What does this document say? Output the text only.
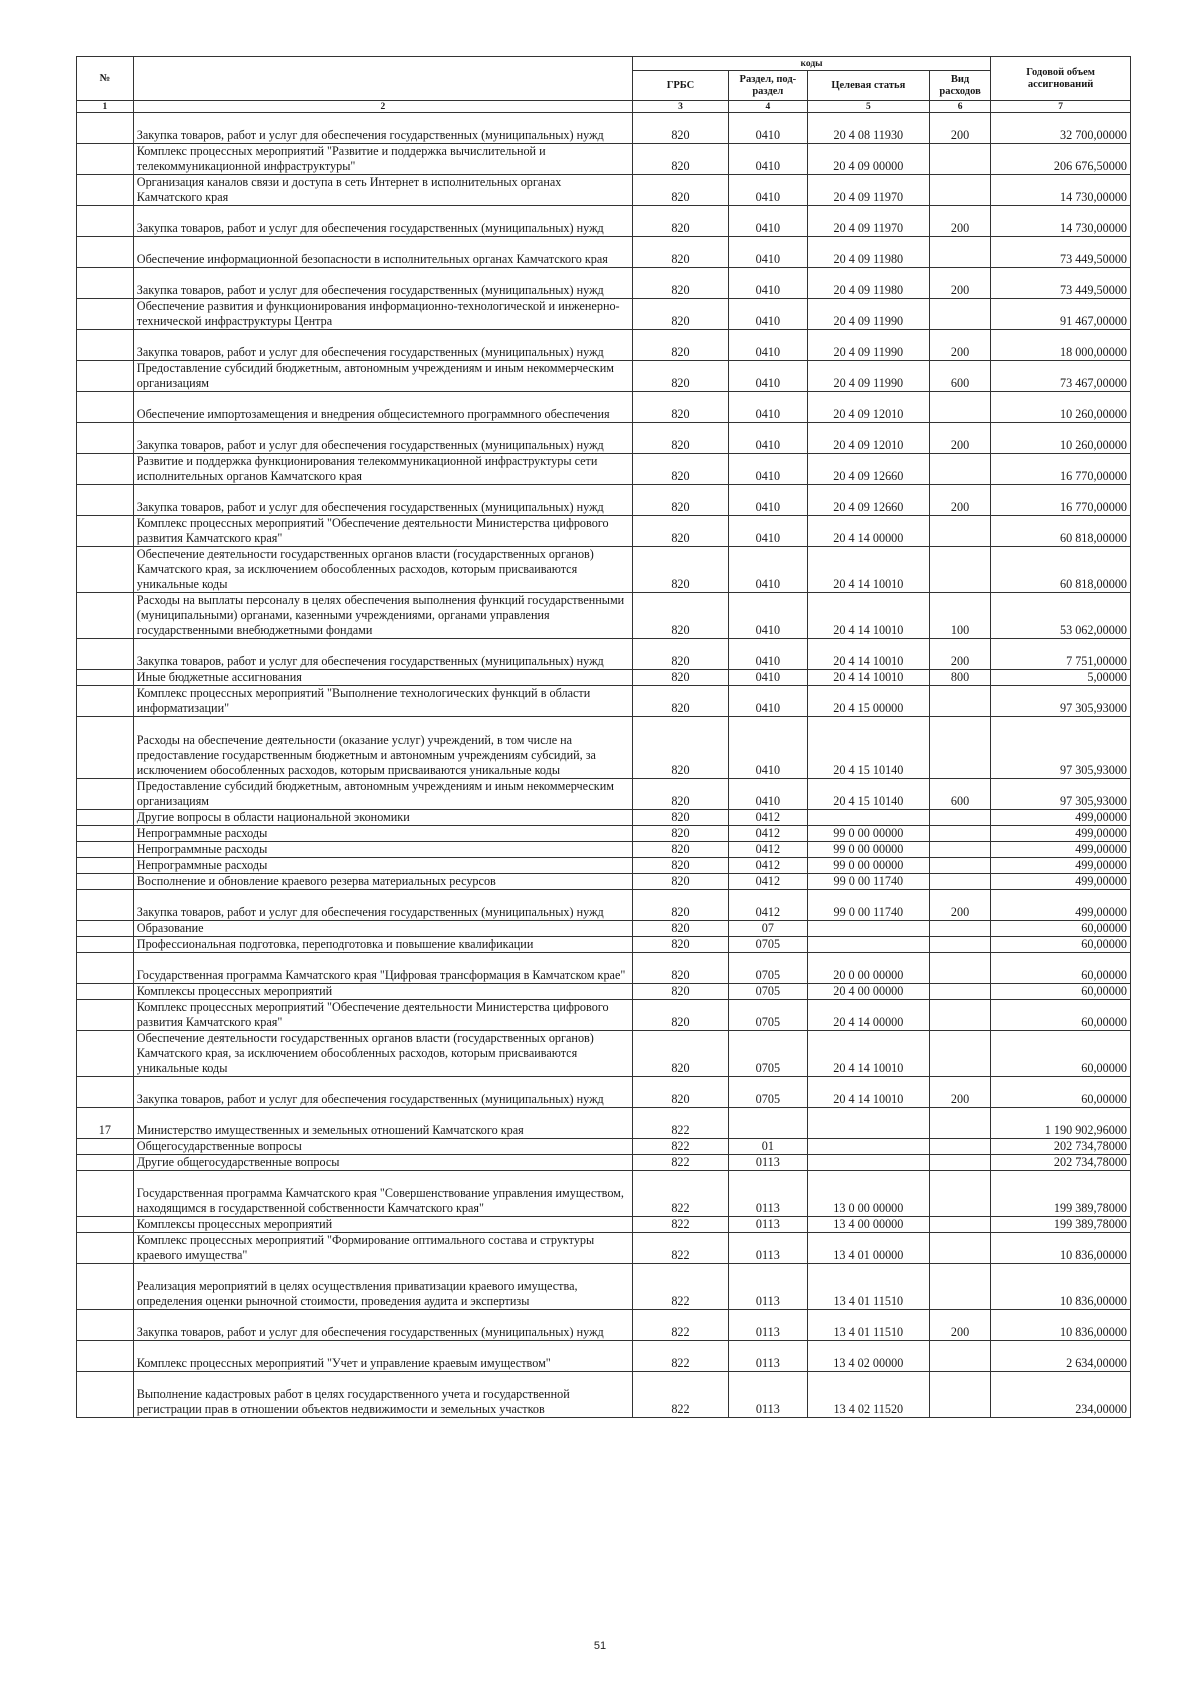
№		коды				Годовой объем ассигнований
		ГРБС	Раздел, под-раздел	Целевая статья	Вид расходов	
1	2	3	4	5	6	7
	Закупка товаров, работ и услуг для обеспечения государственных (муниципальных) нужд	820	0410	20 4 08 11930	200	32 700,00000
	Комплекс процессных мероприятий "Развитие и поддержка вычислительной и телекоммуникационной инфраструктуры"	820	0410	20 4 09 00000		206 676,50000
	Организация каналов связи и доступа в сеть Интернет в исполнительных органах Камчатского края	820	0410	20 4 09 11970		14 730,00000
	Закупка товаров, работ и услуг для обеспечения государственных (муниципальных) нужд	820	0410	20 4 09 11970	200	14 730,00000
	Обеспечение информационной безопасности в исполнительных органах Камчатского края	820	0410	20 4 09 11980		73 449,50000
	Закупка товаров, работ и услуг для обеспечения государственных (муниципальных) нужд	820	0410	20 4 09 11980	200	73 449,50000
	Обеспечение развития и функционирования информационно-технологической и инженерно-технической инфраструктуры Центра	820	0410	20 4 09 11990		91 467,00000
	Закупка товаров, работ и услуг для обеспечения государственных (муниципальных) нужд	820	0410	20 4 09 11990	200	18 000,00000
	Предоставление субсидий бюджетным, автономным учреждениям и иным некоммерческим организациям	820	0410	20 4 09 11990	600	73 467,00000
	Обеспечение импортозамещения и внедрения общесистемного программного обеспечения	820	0410	20 4 09 12010		10 260,00000
	Закупка товаров, работ и услуг для обеспечения государственных (муниципальных) нужд	820	0410	20 4 09 12010	200	10 260,00000
	Развитие и поддержка функционирования телекоммуникационной инфраструктуры сети исполнительных органов Камчатского края	820	0410	20 4 09 12660		16 770,00000
	Закупка товаров, работ и услуг для обеспечения государственных (муниципальных) нужд	820	0410	20 4 09 12660	200	16 770,00000
	Комплекс процессных мероприятий "Обеспечение деятельности Министерства цифрового развития Камчатского края"	820	0410	20 4 14 00000		60 818,00000
	Обеспечение деятельности государственных органов власти (государственных органов) Камчатского края, за исключением обособленных расходов, которым присваиваются уникальные коды	820	0410	20 4 14 10010		60 818,00000
	Расходы на выплаты персоналу в целях обеспечения выполнения функций государственными (муниципальными) органами, казенными учреждениями, органами управления государственными внебюджетными фондами	820	0410	20 4 14 10010	100	53 062,00000
	Закупка товаров, работ и услуг для обеспечения государственных (муниципальных) нужд	820	0410	20 4 14 10010	200	7 751,00000
	Иные бюджетные ассигнования	820	0410	20 4 14 10010	800	5,00000
	Комплекс процессных мероприятий "Выполнение технологических функций в области информатизации"	820	0410	20 4 15 00000		97 305,93000
	Расходы на обеспечение деятельности (оказание услуг) учреждений, в том числе на предоставление государственным бюджетным и автономным учреждениям субсидий, за исключением обособленных расходов, которым присваиваются уникальные коды	820	0410	20 4 15 10140		97 305,93000
	Предоставление субсидий бюджетным, автономным учреждениям и иным некоммерческим организациям	820	0410	20 4 15 10140	600	97 305,93000
	Другие вопросы в области национальной экономики	820	0412			499,00000
	Непрограммные расходы	820	0412	99 0 00 00000		499,00000
	Непрограммные расходы	820	0412	99 0 00 00000		499,00000
	Непрограммные расходы	820	0412	99 0 00 00000		499,00000
	Восполнение и обновление краевого резерва материальных ресурсов	820	0412	99 0 00 11740		499,00000
	Закупка товаров, работ и услуг для обеспечения государственных (муниципальных) нужд	820	0412	99 0 00 11740	200	499,00000
	Образование	820	07			60,00000
	Профессиональная подготовка, переподготовка и повышение квалификации	820	0705			60,00000
	Государственная программа Камчатского края "Цифровая трансформация в Камчатском крае"	820	0705	20 0 00 00000		60,00000
	Комплексы процессных мероприятий	820	0705	20 4 00 00000		60,00000
	Комплекс процессных мероприятий "Обеспечение деятельности Министерства цифрового развития Камчатского края"	820	0705	20 4 14 00000		60,00000
	Обеспечение деятельности государственных органов власти (государственных органов) Камчатского края, за исключением обособленных расходов, которым присваиваются уникальные коды	820	0705	20 4 14 10010		60,00000
	Закупка товаров, работ и услуг для обеспечения государственных (муниципальных) нужд	820	0705	20 4 14 10010	200	60,00000
17	Министерство имущественных и земельных отношений Камчатского края	822				1 190 902,96000
	Общегосударственные вопросы	822	01			202 734,78000
	Другие общегосударственные вопросы	822	0113			202 734,78000
	Государственная программа Камчатского края "Совершенствование управления имуществом, находящимся в государственной собственности Камчатского края"	822	0113	13 0 00 00000		199 389,78000
	Комплексы процессных мероприятий	822	0113	13 4 00 00000		199 389,78000
	Комплекс процессных мероприятий "Формирование оптимального состава и структуры краевого имущества"	822	0113	13 4 01 00000		10 836,00000
	Реализация мероприятий в целях осуществления приватизации краевого имущества, определения оценки рыночной стоимости, проведения аудита и экспертизы	822	0113	13 4 01 11510		10 836,00000
	Закупка товаров, работ и услуг для обеспечения государственных (муниципальных) нужд	822	0113	13 4 01 11510	200	10 836,00000
	Комплекс процессных мероприятий "Учет и управление краевым имуществом"	822	0113	13 4 02 00000		2 634,00000
	Выполнение кадастровых работ в целях государственного учета и государственной регистрации прав в отношении объектов недвижимости и земельных участков	822	0113	13 4 02 11520		234,00000
51
